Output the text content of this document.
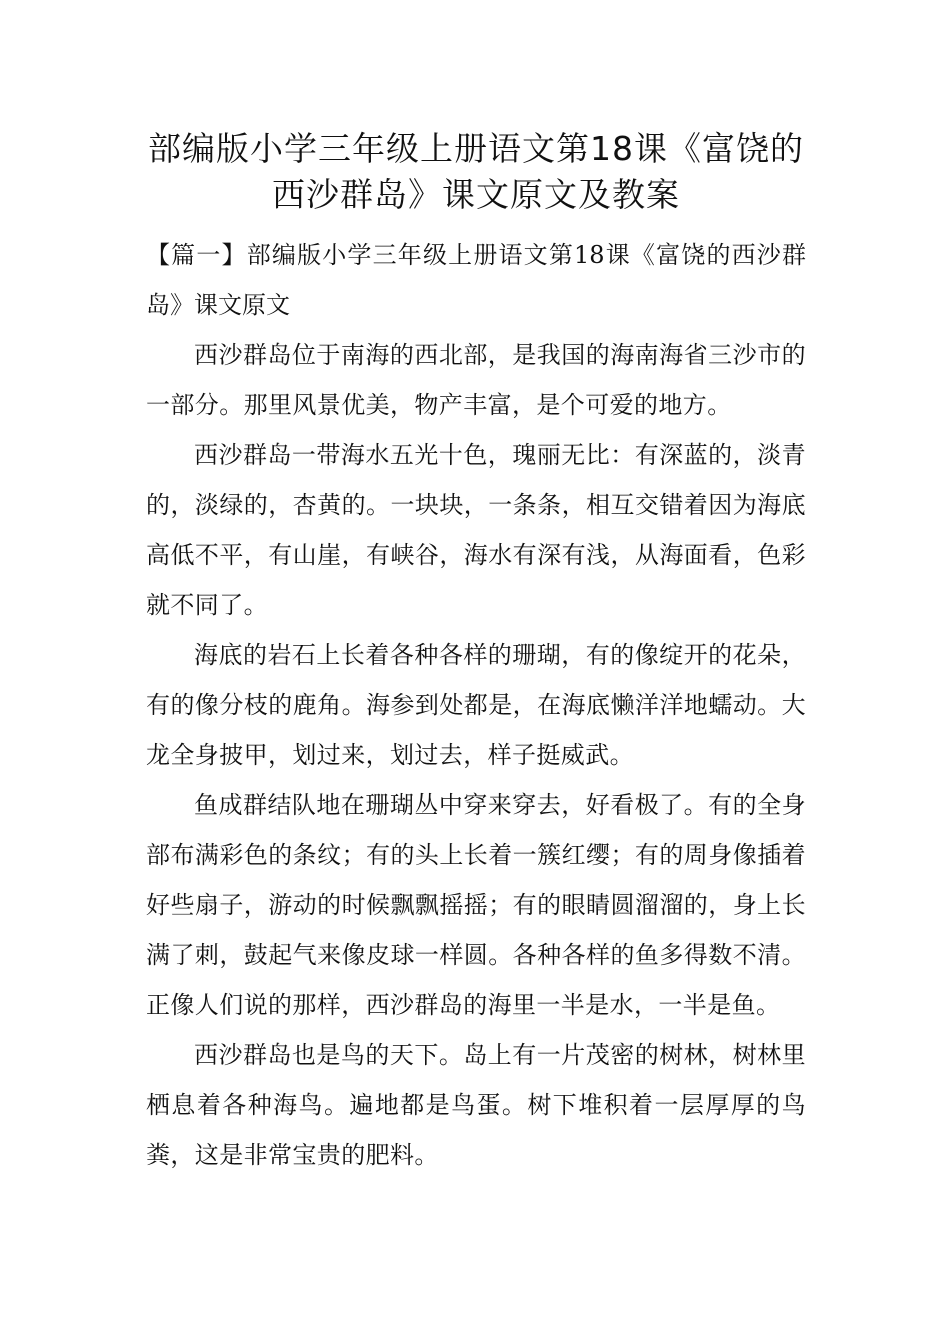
部编版小学三年级上册语文第18课《富饶的西沙群岛》课文原文及教案

【篇一】部编版小学三年级上册语文第18课《富饶的西沙群岛》课文原文

西沙群岛位于南海的西北部，是我国的海南海省三沙市的一部分。那里风景优美，物产丰富，是个可爱的地方。

西沙群岛一带海水五光十色，瑰丽无比：有深蓝的，淡青的，淡绿的，杏黄的。一块块，一条条，相互交错着因为海底高低不平，有山崖，有峡谷，海水有深有浅，从海面看，色彩就不同了。

海底的岩石上长着各种各样的珊瑚，有的像绽开的花朵，有的像分枝的鹿角。海参到处都是，在海底懒洋洋地蠕动。大龙全身披甲，划过来，划过去，样子挺威武。

鱼成群结队地在珊瑚丛中穿来穿去，好看极了。有的全身部布满彩色的条纹；有的头上长着一簇红缨；有的周身像插着好些扇子，游动的时候飘飘摇摇；有的眼睛圆溜溜的，身上长满了刺，鼓起气来像皮球一样圆。各种各样的鱼多得数不清。正像人们说的那样，西沙群岛的海里一半是水，一半是鱼。

西沙群岛也是鸟的天下。岛上有一片茂密的树林，树林里栖息着各种海鸟。遍地都是鸟蛋。树下堆积着一层厚厚的鸟粪，这是非常宝贵的肥料。
